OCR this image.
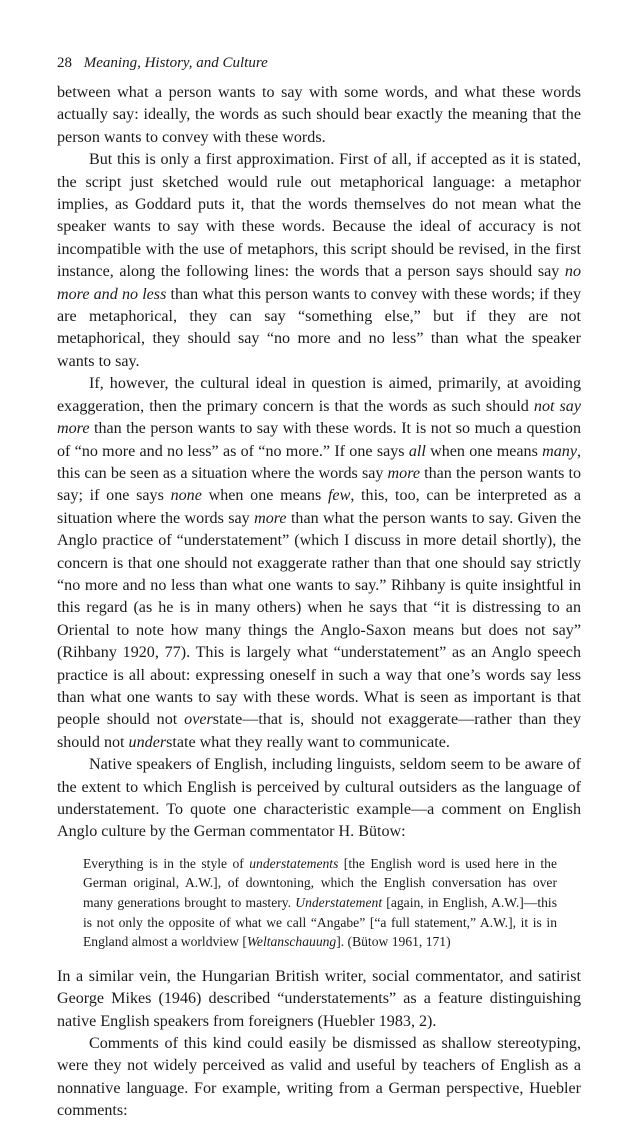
28 Meaning, History, and Culture

between what a person wants to say with some words, and what these words actually say: ideally, the words as such should bear exactly the meaning that the person wants to convey with these words.

But this is only a first approximation. First of all, if accepted as it is stated, the script just sketched would rule out metaphorical language: a metaphor implies, as Goddard puts it, that the words themselves do not mean what the speaker wants to say with these words. Because the ideal of accuracy is not incompatible with the use of metaphors, this script should be revised, in the first instance, along the following lines: the words that a person says should say no more and no less than what this person wants to convey with these words; if they are metaphorical, they can say “something else,” but if they are not metaphorical, they should say “no more and no less” than what the speaker wants to say.

If, however, the cultural ideal in question is aimed, primarily, at avoiding exaggeration, then the primary concern is that the words as such should not say more than the person wants to say with these words. It is not so much a question of “no more and no less” as of “no more.” If one says all when one means many, this can be seen as a situation where the words say more than the person wants to say; if one says none when one means few, this, too, can be interpreted as a situation where the words say more than what the person wants to say. Given the Anglo practice of “understatement” (which I discuss in more detail shortly), the concern is that one should not exaggerate rather than that one should say strictly “no more and no less than what one wants to say.” Rihbany is quite insightful in this regard (as he is in many others) when he says that “it is distressing to an Oriental to note how many things the Anglo-Saxon means but does not say” (Rihbany 1920, 77). This is largely what “understatement” as an Anglo speech practice is all about: expressing oneself in such a way that one’s words say less than what one wants to say with these words. What is seen as important is that people should not overstate—that is, should not exaggerate—rather than they should not understate what they really want to communicate.

Native speakers of English, including linguists, seldom seem to be aware of the extent to which English is perceived by cultural outsiders as the language of understatement. To quote one characteristic example—a comment on English Anglo culture by the German commentator H. Bütow:

Everything is in the style of understatements [the English word is used here in the German original, A.W.], of downtoning, which the English conversation has over many generations brought to mastery. Understatement [again, in English, A.W.]—this is not only the opposite of what we call “Angabe” [“a full statement,” A.W.], it is in England almost a worldview [Weltanschauung]. (Bütow 1961, 171)

In a similar vein, the Hungarian British writer, social commentator, and satirist George Mikes (1946) described “understatements” as a feature distinguishing native English speakers from foreigners (Huebler 1983, 2).

Comments of this kind could easily be dismissed as shallow stereotyping, were they not widely perceived as valid and useful by teachers of English as a nonnative language. For example, writing from a German perspective, Huebler comments:
